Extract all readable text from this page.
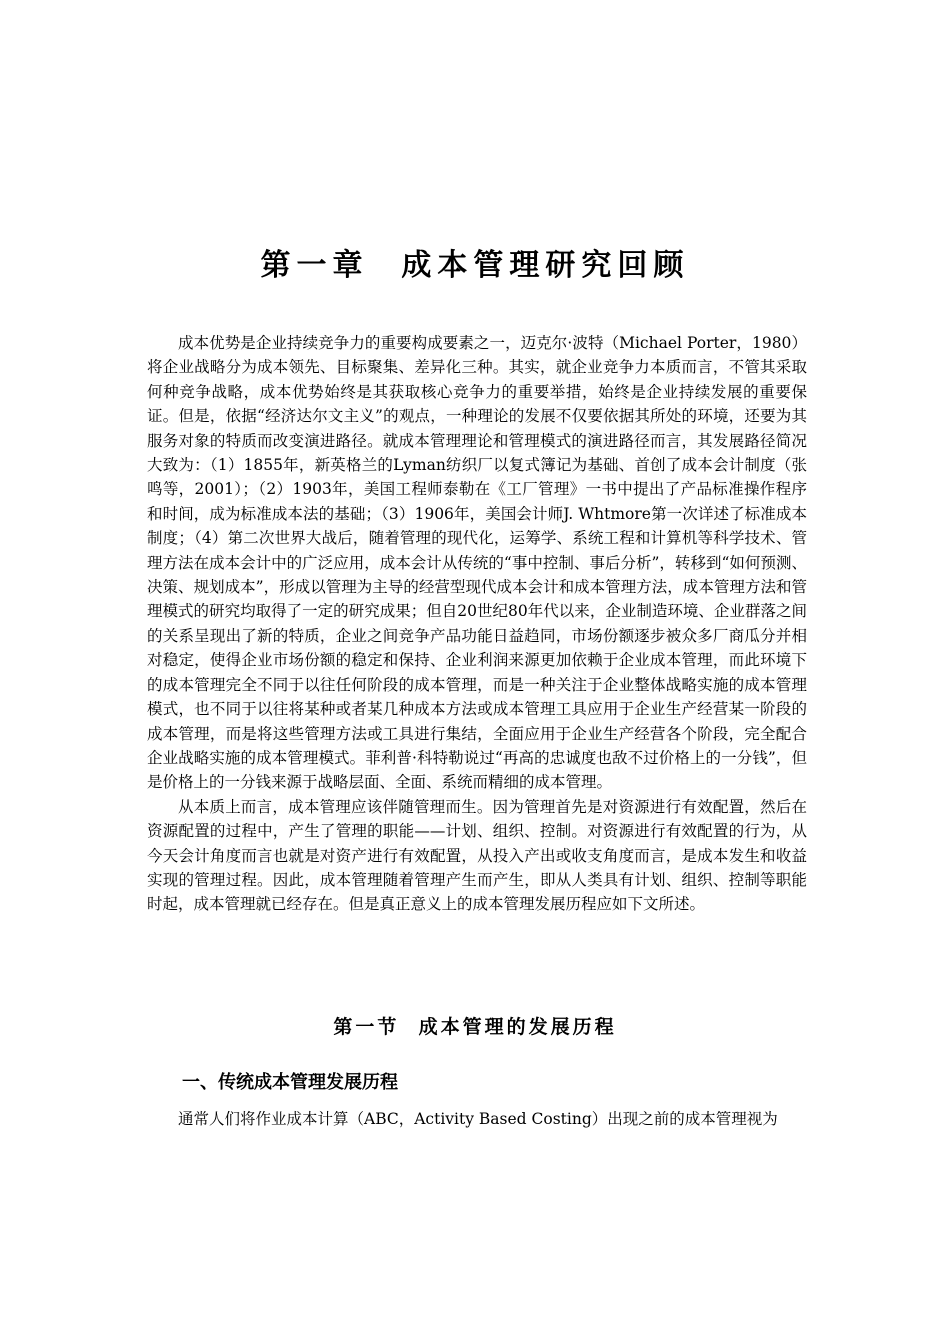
第一章  成本管理研究回顾

成本优势是企业持续竞争力的重要构成要素之一，迈克尔·波特（Michael Porter，1980）将企业战略分为成本领先、目标聚集、差异化三种。其实，就企业竞争力本质而言，不管其采取何种竞争战略，成本优势始终是其获取核心竞争力的重要举措，始终是企业持续发展的重要保证。但是，依据“经济达尔文主义”的观点，一种理论的发展不仅要依据其所处的环境，还要为其服务对象的特质而改变演进路径。就成本管理理论和管理模式的演进路径而言，其发展路径简况大致为：（1）1855年，新英格兰的Lyman纺织厂以复式簿记为基础、首创了成本会计制度（张鸣等，2001）；（2）1903年，美国工程师泰勒在《工厂管理》一书中提出了产品标准操作程序和时间，成为标准成本法的基础；（3）1906年，美国会计师J. Whtmore第一次详述了标准成本制度；（4）第二次世界大战后，随着管理的现代化，运筹学、系统工程和计算机等科学技术、管理方法在成本会计中的广泛应用，成本会计从传统的“事中控制、事后分析”，转移到“如何预测、决策、规划成本”，形成以管理为主导的经营型现代成本会计和成本管理方法，成本管理方法和管理模式的研究均取得了一定的研究成果；但自20世纪80年代以来，企业制造环境、企业群落之间的关系呈现出了新的特质，企业之间竞争产品功能日益趋同，市场份额逐步被众多厂商瓜分并相对稳定，使得企业市场份额的稳定和保持、企业利润来源更加依赖于企业成本管理，而此环境下的成本管理完全不同于以往任何阶段的成本管理，而是一种关注于企业整体战略实施的成本管理模式，也不同于以往将某种或者某几种成本方法或成本管理工具应用于企业生产经营某一阶段的成本管理，而是将这些管理方法或工具进行集结，全面应用于企业生产经营各个阶段，完全配合企业战略实施的成本管理模式。菲利普·科特勒说过“再高的忠诚度也敌不过价格上的一分钱”，但是价格上的一分钱来源于战略层面、全面、系统而精细的成本管理。

从本质上而言，成本管理应该伴随管理而生。因为管理首先是对资源进行有效配置，然后在资源配置的过程中，产生了管理的职能——计划、组织、控制。对资源进行有效配置的行为，从今天会计角度而言也就是对资产进行有效配置，从投入产出或收支角度而言，是成本发生和收益实现的管理过程。因此，成本管理随着管理产生而产生，即从人类具有计划、组织、控制等职能时起，成本管理就已经存在。但是真正意义上的成本管理发展历程应如下文所述。

第一节  成本管理的发展历程
一、传统成本管理发展历程

通常人们将作业成本计算（ABC，Activity Based Costing）出现之前的成本管理视为
